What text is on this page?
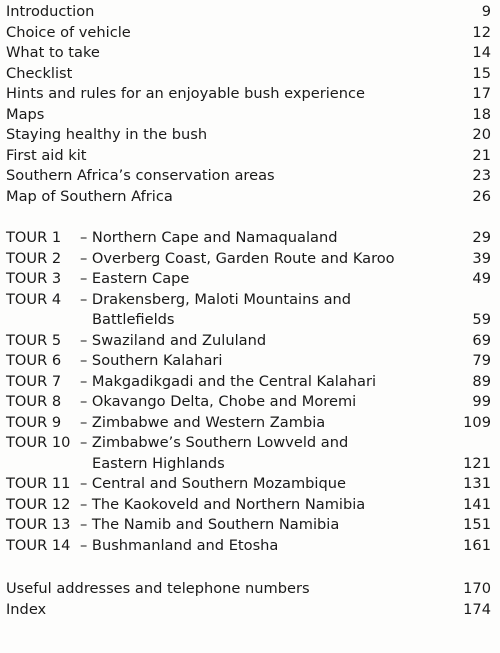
Introduction	9
Choice of vehicle	12
What to take	14
Checklist	15
Hints and rules for an enjoyable bush experience	17
Maps	18
Staying healthy in the bush	20
First aid kit	21
Southern Africa’s conservation areas	23
Map of Southern Africa	26
TOUR 1 – Northern Cape and Namaqualand	29
TOUR 2 – Overberg Coast, Garden Route and Karoo	39
TOUR 3 – Eastern Cape	49
TOUR 4 – Drakensberg, Maloti Mountains and
Battlefields	59
TOUR 5 – Swaziland and Zululand	69
TOUR 6 – Southern Kalahari	79
TOUR 7 – Makgadikgadi and the Central Kalahari	89
TOUR 8 – Okavango Delta, Chobe and Moremi	99
TOUR 9 – Zimbabwe and Western Zambia	109
TOUR 10 – Zimbabwe’s Southern Lowveld and
Eastern Highlands	121
TOUR 11 – Central and Southern Mozambique	131
TOUR 12 – The Kaokoveld and Northern Namibia	141
TOUR 13 – The Namib and Southern Namibia	151
TOUR 14 – Bushmanland and Etosha	161
Useful addresses and telephone numbers	170
Index	174
